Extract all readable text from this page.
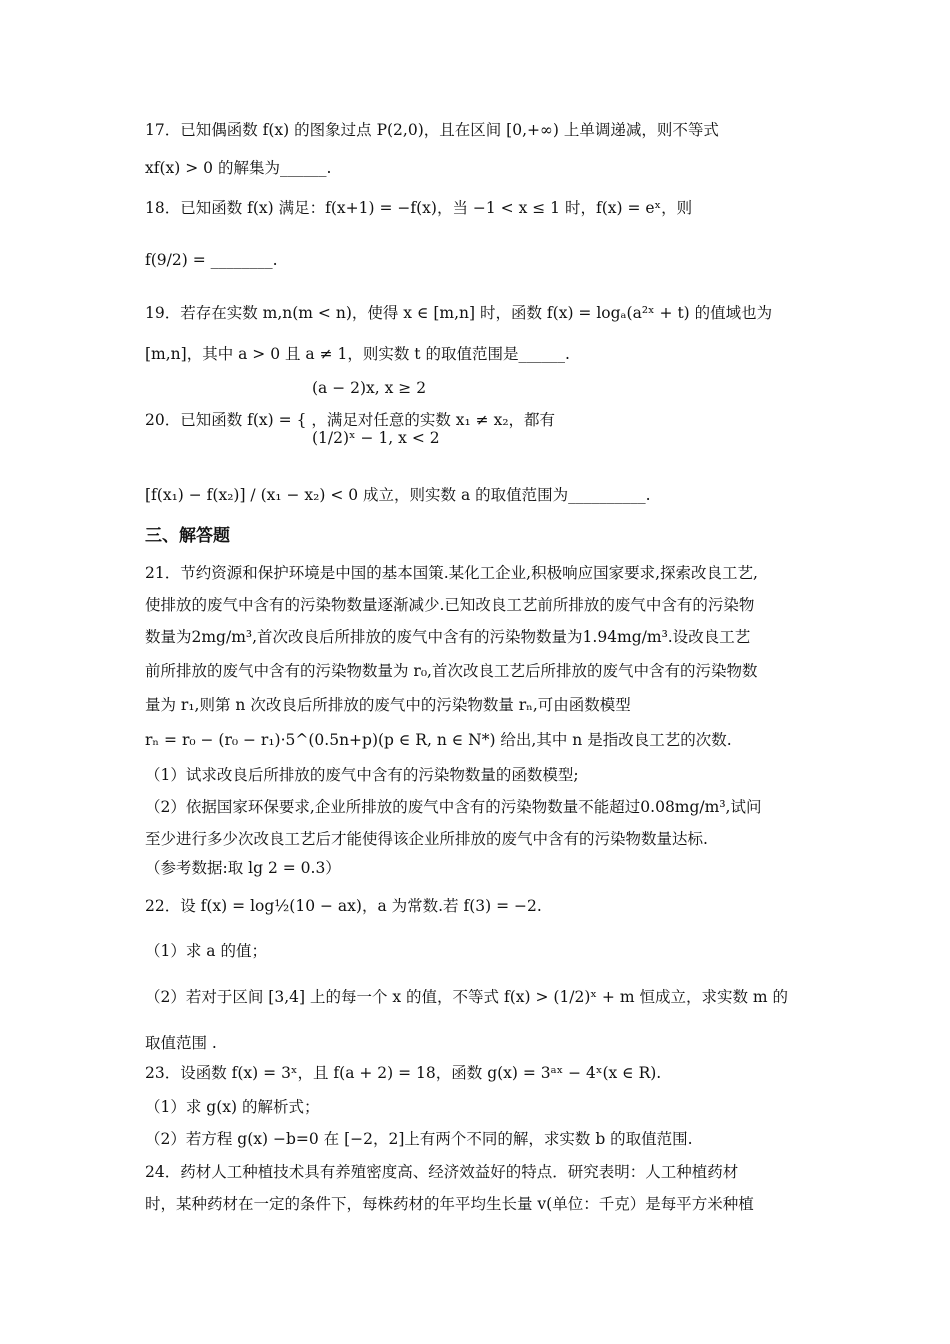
17．已知偶函数 f(x) 的图象过点 P(2,0)，且在区间 [0,+∞) 上单调递减，则不等式
xf(x) > 0 的解集为______.
18．已知函数 f(x) 满足：f(x+1) = −f(x)，当 −1 < x ≤ 1 时，f(x) = eˣ，则
f(9/2) = ________.
19．若存在实数 m,n(m < n)，使得 x ∈ [m,n] 时，函数 f(x) = logₐ(a²ˣ + t) 的值域也为
[m,n]，其中 a > 0 且 a ≠ 1，则实数 t 的取值范围是______.
(a − 2)x, x ≥ 2
20．已知函数 f(x) = { ，满足对任意的实数 x₁ ≠ x₂，都有
(1/2)ˣ − 1, x < 2
[f(x₁) − f(x₂)] / (x₁ − x₂) < 0 成立，则实数 a 的取值范围为__________.
三、解答题
21．节约资源和保护环境是中国的基本国策.某化工企业,积极响应国家要求,探索改良工艺,
使排放的废气中含有的污染物数量逐渐减少.已知改良工艺前所排放的废气中含有的污染物
数量为2mg/m³,首次改良后所排放的废气中含有的污染物数量为1.94mg/m³.设改良工艺
前所排放的废气中含有的污染物数量为 r₀,首次改良工艺后所排放的废气中含有的污染物数
量为 r₁,则第 n 次改良后所排放的废气中的污染物数量 rₙ,可由函数模型
rₙ = r₀ − (r₀ − r₁)·5^(0.5n+p)(p ∈ R, n ∈ N*) 给出,其中 n 是指改良工艺的次数.
（1）试求改良后所排放的废气中含有的污染物数量的函数模型;
（2）依据国家环保要求,企业所排放的废气中含有的污染物数量不能超过0.08mg/m³,试问
至少进行多少次改良工艺后才能使得该企业所排放的废气中含有的污染物数量达标.
（参考数据:取 lg 2 = 0.3）
22．设 f(x) = log½(10 − ax)，a 为常数.若 f(3) = −2.
（1）求 a 的值；
（2）若对于区间 [3,4] 上的每一个 x 的值，不等式 f(x) > (1/2)ˣ + m 恒成立，求实数 m 的
取值范围 .
23．设函数 f(x) = 3ˣ，且 f(a + 2) = 18，函数 g(x) = 3ᵃˣ − 4ˣ(x ∈ R).
（1）求 g(x) 的解析式；
（2）若方程 g(x) −b=0 在 [−2，2]上有两个不同的解，求实数 b 的取值范围.
24．药材人工种植技术具有养殖密度高、经济效益好的特点．研究表明：人工种植药材
时，某种药材在一定的条件下，每株药材的年平均生长量 v(单位：千克）是每平方米种植
